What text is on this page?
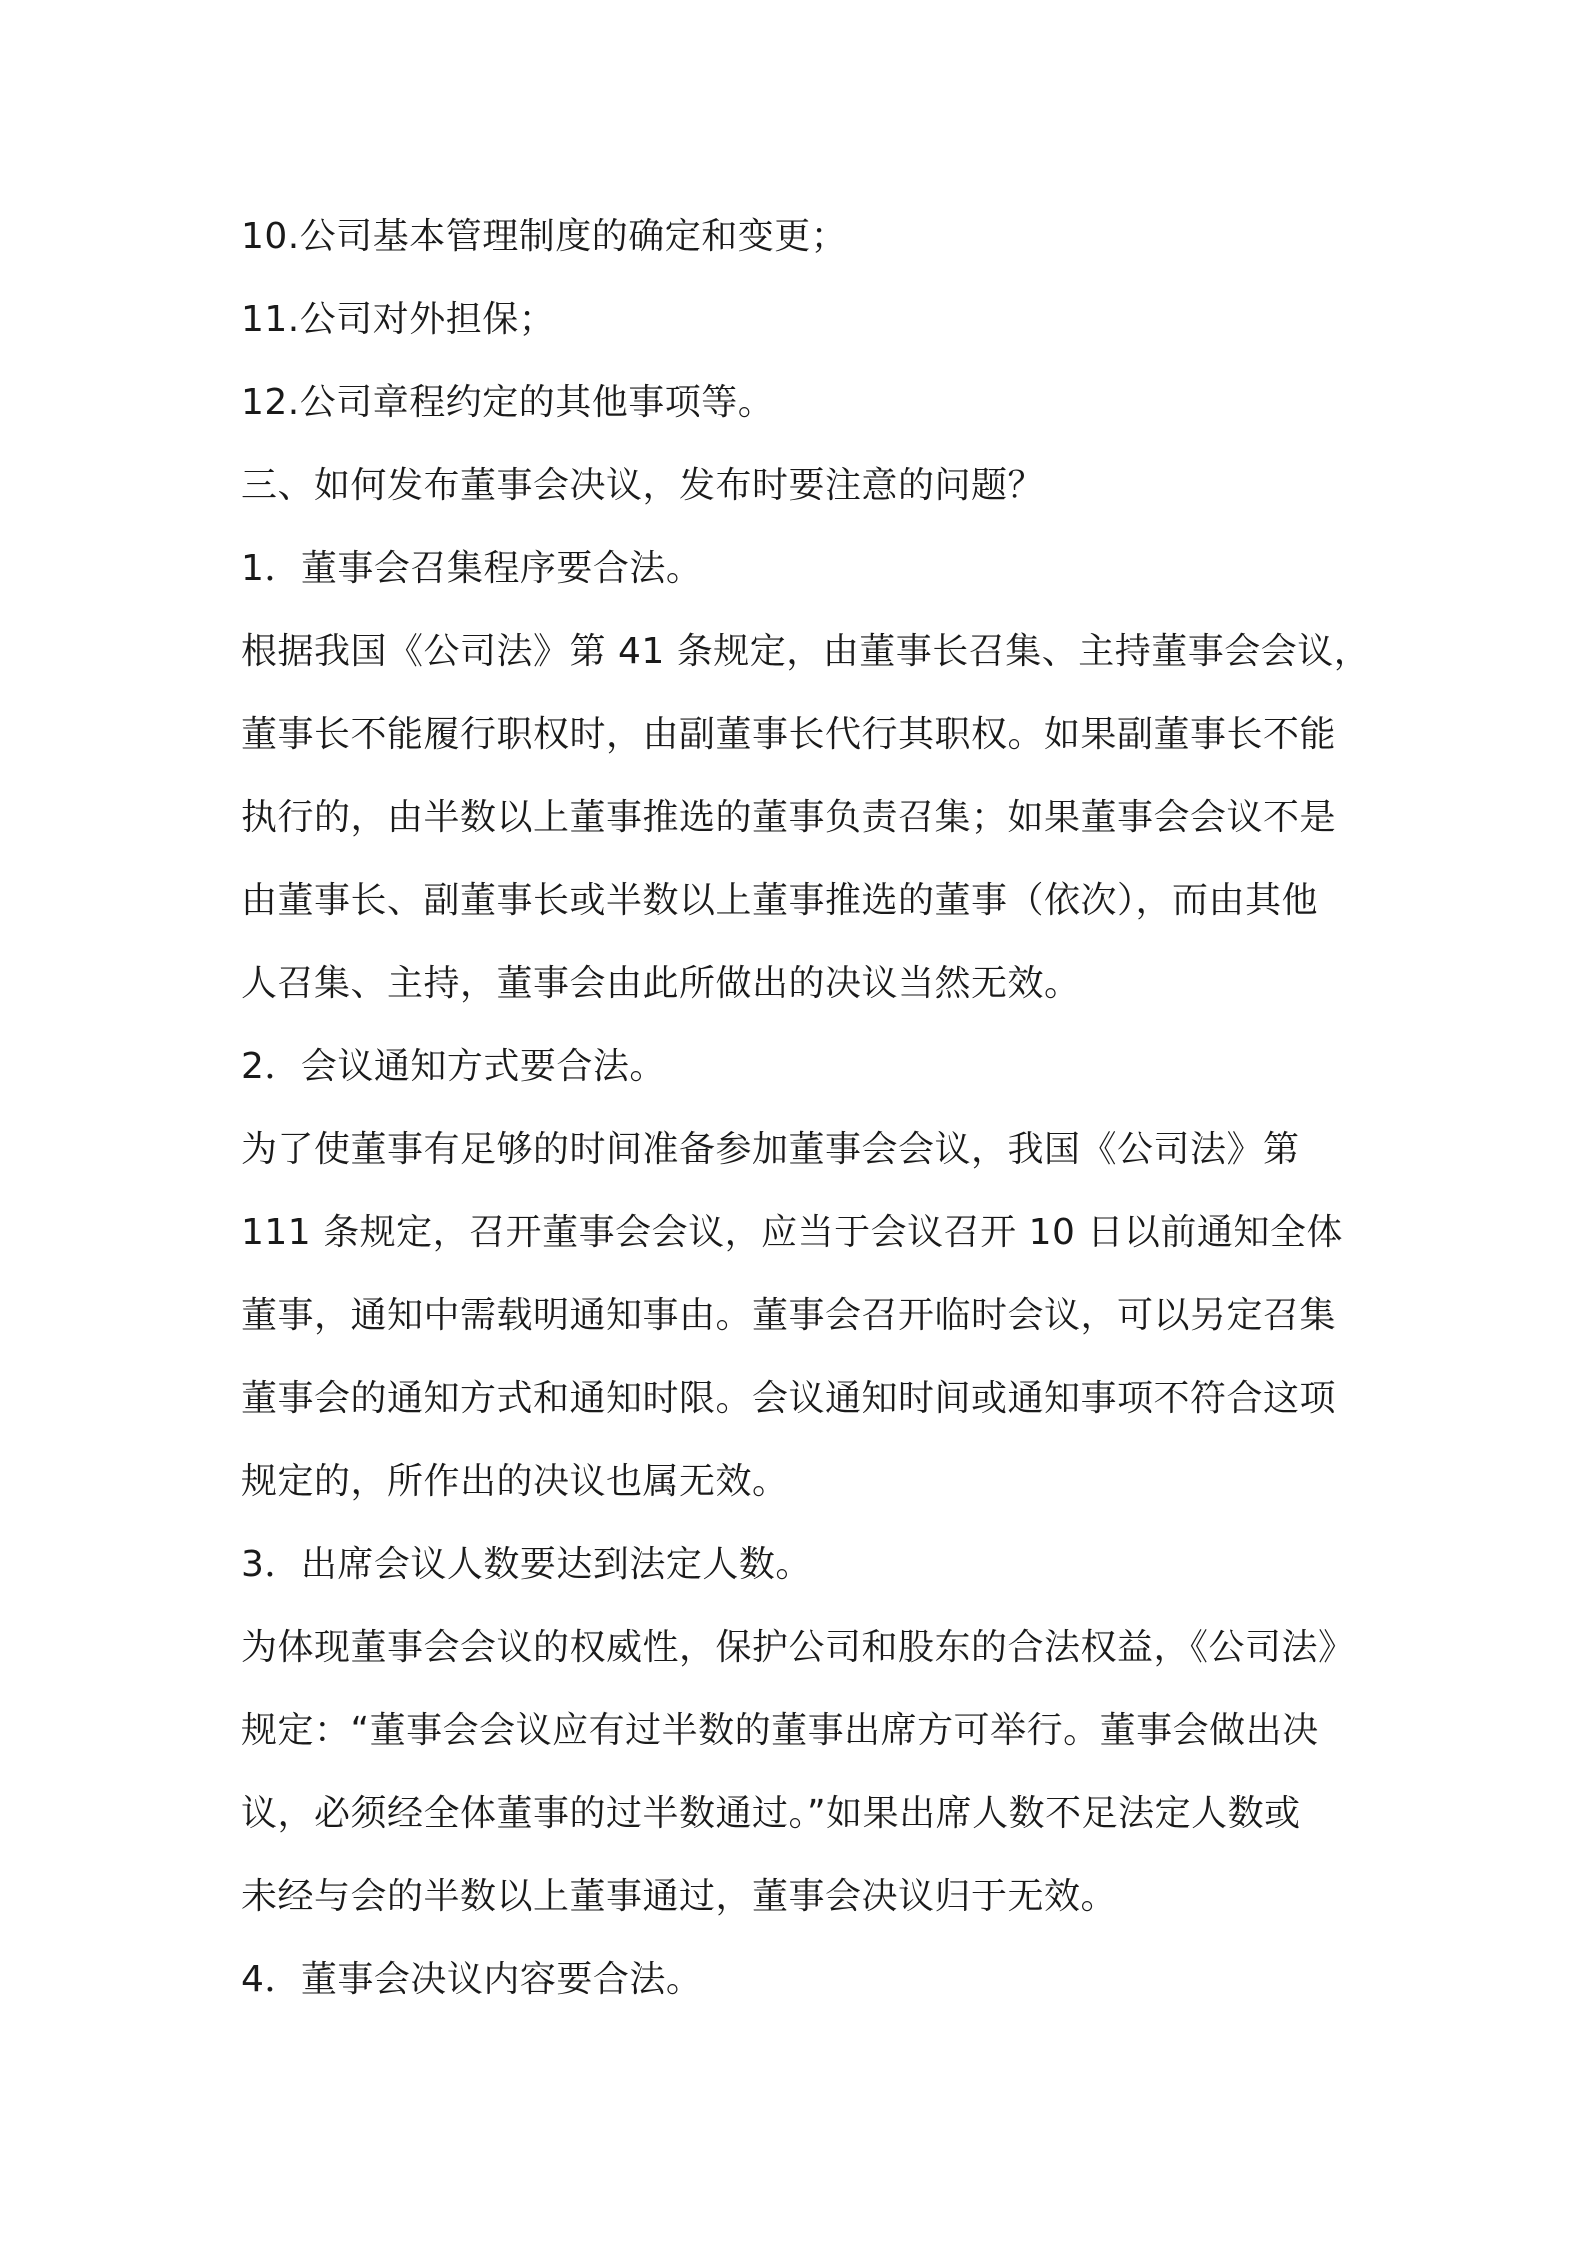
10.公司基本管理制度的确定和变更；
11.公司对外担保；
12.公司章程约定的其他事项等。
三、如何发布董事会决议，发布时要注意的问题？
1．董事会召集程序要合法。
根据我国《公司法》第 41 条规定，由董事长召集、主持董事会会议，
董事长不能履行职权时，由副董事长代行其职权。如果副董事长不能
执行的，由半数以上董事推选的董事负责召集；如果董事会会议不是
由董事长、副董事长或半数以上董事推选的董事（依次），而由其他
人召集、主持，董事会由此所做出的决议当然无效。
2．会议通知方式要合法。
为了使董事有足够的时间准备参加董事会会议，我国《公司法》第
111 条规定，召开董事会会议，应当于会议召开 10 日以前通知全体
董事，通知中需载明通知事由。董事会召开临时会议，可以另定召集
董事会的通知方式和通知时限。会议通知时间或通知事项不符合这项
规定的，所作出的决议也属无效。
3．出席会议人数要达到法定人数。
为体现董事会会议的权威性，保护公司和股东的合法权益，《公司法》
规定：“董事会会议应有过半数的董事出席方可举行。董事会做出决
议，必须经全体董事的过半数通过。”如果出席人数不足法定人数或
未经与会的半数以上董事通过，董事会决议归于无效。
4．董事会决议内容要合法。
